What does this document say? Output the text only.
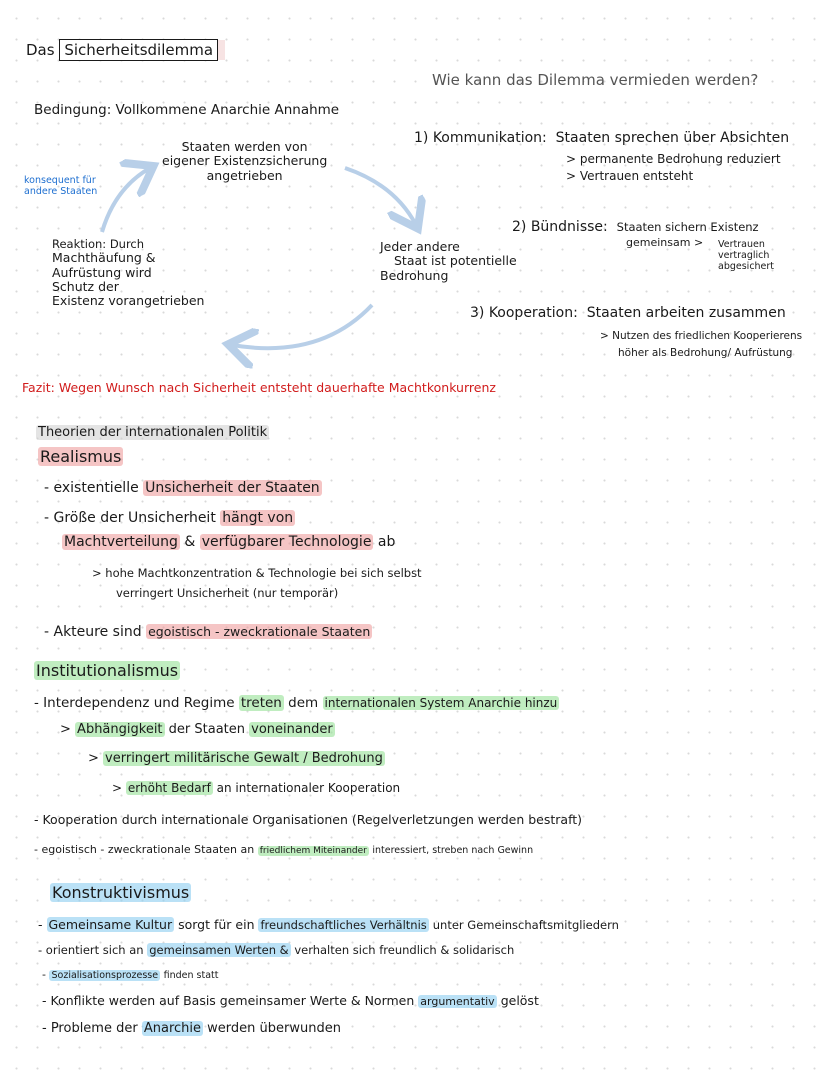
Das Sicherheitsdilemma
Wie kann das Dilemma vermieden werden?
Bedingung: Vollkommene Anarchie Annahme
Staaten werden von
eigener Existenzsicherung
angetrieben
Jeder andere
Staat ist potentielle
Bedrohung
Reaktion: Durch
Machthäufung &
Aufrüstung wird
Schutz der
Existenz vorangetrieben
konsequent für
andere Staaten
1) Kommunikation: Staaten sprechen über Absichten
> permanente Bedrohung reduziert
> Vertrauen entsteht
2) Bündnisse: Staaten sichern Existenz
gemeinsam > Vertrauen
vertraglich
abgesichert
3) Kooperation: Staaten arbeiten zusammen
> Nutzen des friedlichen Kooperierens
höher als Bedrohung/ Aufrüstung
Fazit: Wegen Wunsch nach Sicherheit entsteht dauerhafte Machtkonkurrenz
Theorien der internationalen Politik
Realismus
- existentielle Unsicherheit der Staaten
- Größe der Unsicherheit hängt von
Machtverteilung & verfügbarer Technologie ab
> hohe Machtkonzentration & Technologie bei sich selbst
verringert Unsicherheit (nur temporär)
- Akteure sind egoistisch - zweckrationale Staaten
Institutionalismus
- Interdependenz und Regime treten dem internationalen System Anarchie hinzu
> Abhängigkeit der Staaten voneinander
> verringert militärische Gewalt / Bedrohung
> erhöht Bedarf an internationaler Kooperation
- Kooperation durch internationale Organisationen (Regelverletzungen werden bestraft)
- egoistisch - zweckrationale Staaten an friedlichem Miteinander interessiert, streben nach Gewinn
Konstruktivismus
- Gemeinsame Kultur sorgt für ein freundschaftliches Verhältnis unter Gemeinschaftsmitgliedern
- orientiert sich an gemeinsamen Werten & verhalten sich freundlich & solidarisch
- Sozialisationsprozesse finden statt
- Konflikte werden auf Basis gemeinsamer Werte & Normen argumentativ gelöst
- Probleme der Anarchie werden überwunden
